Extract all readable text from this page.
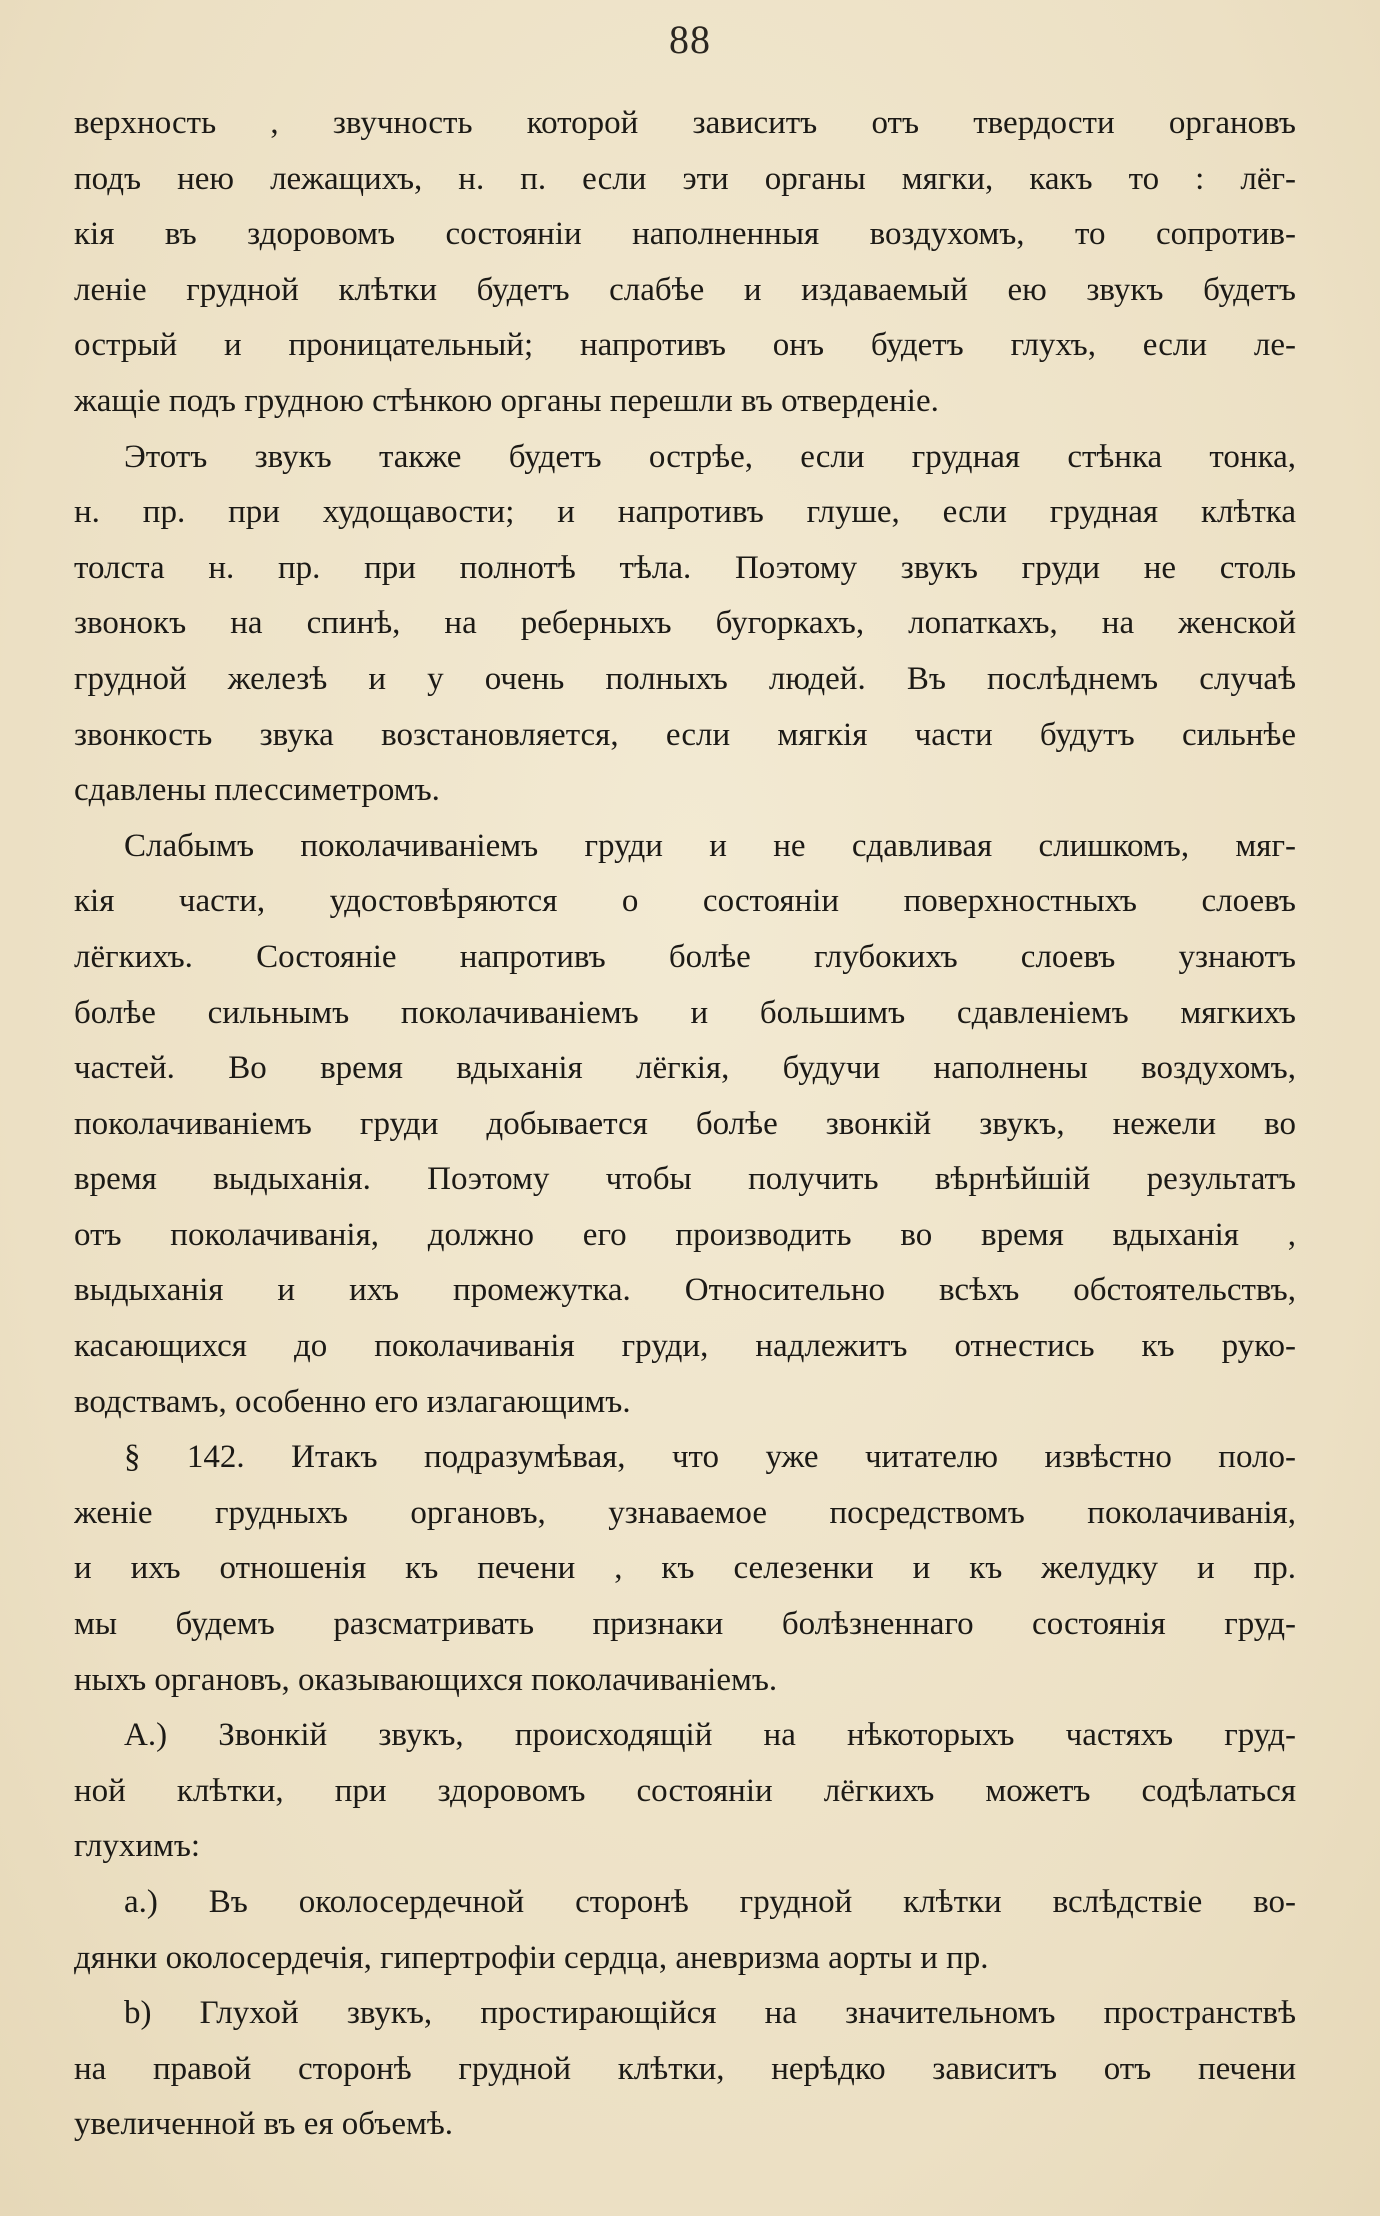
88
верхность , звучность которой зависитъ отъ твердости органовъ
подъ нею лежащихъ, н. п. если эти органы мягки, какъ то : лёг-
кія въ здоровомъ состояніи наполненныя воздухомъ, то сопротив-
леніе грудной клѣтки будетъ слабѣе и издаваемый ею звукъ будетъ
острый и проницательный; напротивъ онъ будетъ глухъ, если ле-
жащіе подъ грудною стѣнкою органы перешли въ отверденіе.
Этотъ звукъ также будетъ острѣе, если грудная стѣнка тонка,
н. пр. при худощавости; и напротивъ глуше, если грудная клѣтка
толста н. пр. при полнотѣ тѣла. Поэтому звукъ груди не столь
звонокъ на спинѣ, на реберныхъ бугоркахъ, лопаткахъ, на женской
грудной железѣ и у очень полныхъ людей. Въ послѣднемъ случаѣ
звонкость звука возстановляется, если мягкія части будутъ сильнѣе
сдавлены плессиметромъ.
Слабымъ поколачиваніемъ груди и не сдавливая слишкомъ, мяг-
кія части, удостовѣряются о состояніи поверхностныхъ слоевъ
лёгкихъ. Состояніе напротивъ болѣе глубокихъ слоевъ узнаютъ
болѣе сильнымъ поколачиваніемъ и большимъ сдавленіемъ мягкихъ
частей. Во время вдыханія лёгкія, будучи наполнены воздухомъ,
поколачиваніемъ груди добывается болѣе звонкій звукъ, нежели во
время выдыханія. Поэтому чтобы получить вѣрнѣйшій результатъ
отъ поколачиванія, должно его производить во время вдыханія ,
выдыханія и ихъ промежутка. Относительно всѣхъ обстоятельствъ,
касающихся до поколачиванія груди, надлежитъ отнестись къ руко-
водствамъ, особенно его излагающимъ.
§ 142. Итакъ подразумѣвая, что уже читателю извѣстно поло-
женіе грудныхъ органовъ, узнаваемое посредствомъ поколачиванія,
и ихъ отношенія къ печени , къ селезенки и къ желудку и пр.
мы будемъ разсматривать признаки болѣзненнаго состоянія груд-
ныхъ органовъ, оказывающихся поколачиваніемъ.
A.) Звонкій звукъ, происходящій на нѣкоторыхъ частяхъ груд-
ной клѣтки, при здоровомъ состояніи лёгкихъ можетъ содѣлаться
глухимъ:
a.) Въ околосердечной сторонѣ грудной клѣтки вслѣдствіе во-
дянки околосердечія, гипертрофіи сердца, аневризма аорты и пр.
b) Глухой звукъ, простирающійся на значительномъ пространствѣ
на правой сторонѣ грудной клѣтки, нерѣдко зависитъ отъ печени
увеличенной въ ея объемѣ.
